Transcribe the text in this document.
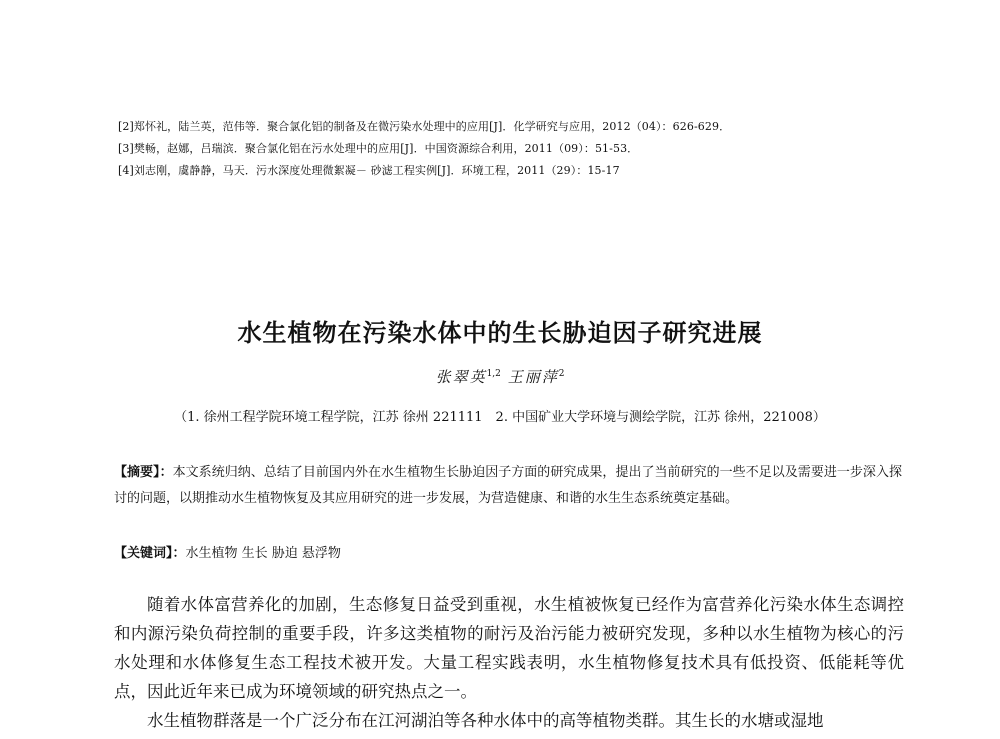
[2]郑怀礼，陆兰英，范伟等．聚合氯化铝的制备及在微污染水处理中的应用[J]．化学研究与应用，2012（04）：626-629．
[3]樊畅，赵娜，吕瑞滨．聚合氯化铝在污水处理中的应用[J]．中国资源综合利用，2011（09）：51-53．
[4]刘志刚，虞静静，马天．污水深度处理微絮凝－ 砂滤工程实例[J]．环境工程，2011（29）：15-17
水生植物在污染水体中的生长胁迫因子研究进展
张翠英$^{1,2}$ 王丽萍$^2$
（1. 徐州工程学院环境工程学院，江苏 徐州 221111　2. 中国矿业大学环境与测绘学院，江苏 徐州，221008）
【摘要】：本文系统归纳、总结了目前国内外在水生植物生长胁迫因子方面的研究成果，提出了当前研究的一些不足以及需要进一步深入探讨的问题，以期推动水生植物恢复及其应用研究的进一步发展，为营造健康、和谐的水生生态系统奠定基础。
【关键词】：水生植物 生长 胁迫 悬浮物

随着水体富营养化的加剧，生态修复日益受到重视，水生植被恢复已经作为富营养化污染水体生态调控和内源污染负荷控制的重要手段，许多这类植物的耐污及治污能力被研究发现，多种以水生植物为核心的污水处理和水体修复生态工程技术被开发。大量工程实践表明，水生植物修复技术具有低投资、低能耗等优点，因此近年来已成为环境领域的研究热点之一。

水生植物群落是一个广泛分布在江河湖泊等各种水体中的高等植物类群。其生长的水塘或湿地
